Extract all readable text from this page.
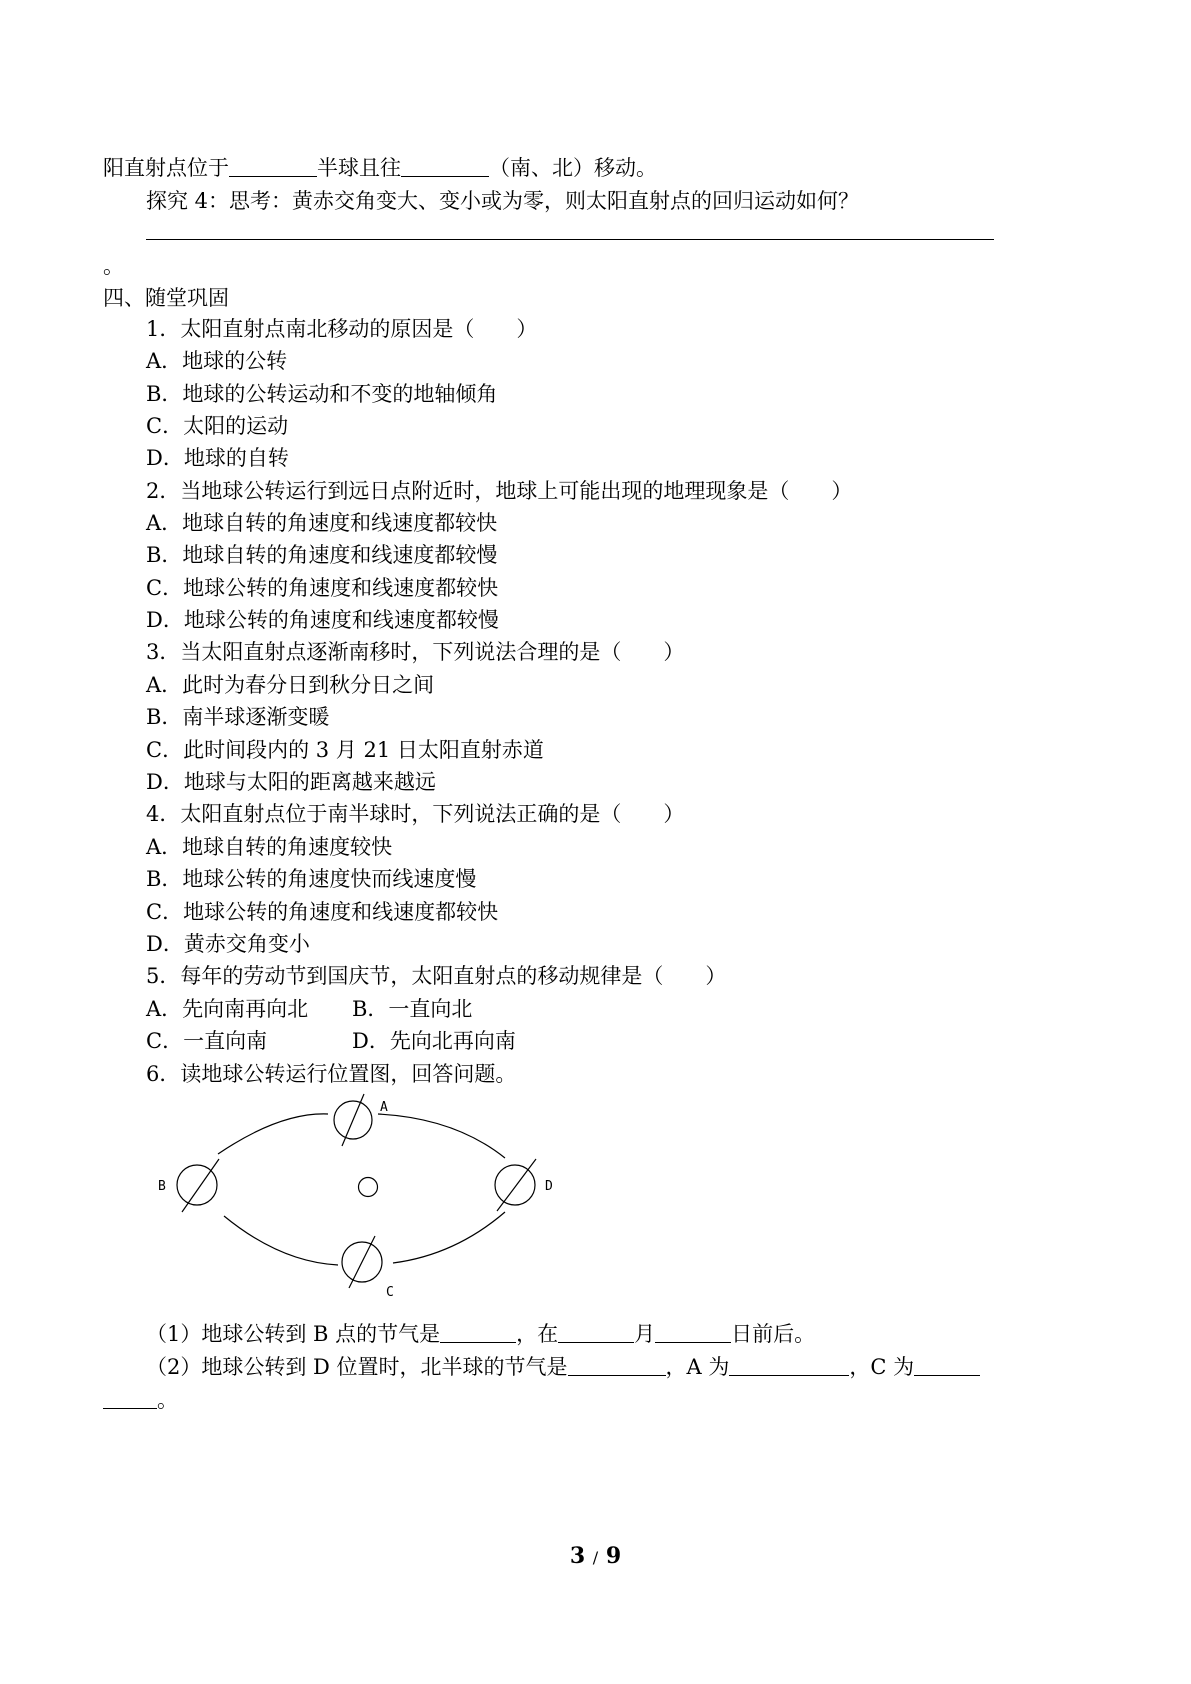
阳直射点位于	半球且往	（南、北）移动。
探究 4：思考：黄赤交角变大、变小或为零，则太阳直射点的回归运动如何？
。
四、随堂巩固
1．太阳直射点南北移动的原因是（　　）
A．地球的公转
B．地球的公转运动和不变的地轴倾角
C．太阳的运动
D．地球的自转
2．当地球公转运行到远日点附近时，地球上可能出现的地理现象是（　　）
A．地球自转的角速度和线速度都较快
B．地球自转的角速度和线速度都较慢
C．地球公转的角速度和线速度都较快
D．地球公转的角速度和线速度都较慢
3．当太阳直射点逐渐南移时，下列说法合理的是（　　）
A．此时为春分日到秋分日之间
B．南半球逐渐变暖
C．此时间段内的 3 月 21 日太阳直射赤道
D．地球与太阳的距离越来越远
4．太阳直射点位于南半球时，下列说法正确的是（　　）
A．地球自转的角速度较快
B．地球公转的角速度快而线速度慢
C．地球公转的角速度和线速度都较快
D．黄赤交角变小
5．每年的劳动节到国庆节，太阳直射点的移动规律是（　　）
A．先向南再向北 B．一直向北
C．一直向南	D．先向北再向南
6．读地球公转运行位置图，回答问题。
A
B
C
D
（1）地球公转到 B 点的节气是	，在	月	日前后。
（2）地球公转到 D 位置时，北半球的节气是	，A 为	，C 为
。
3 / 9
